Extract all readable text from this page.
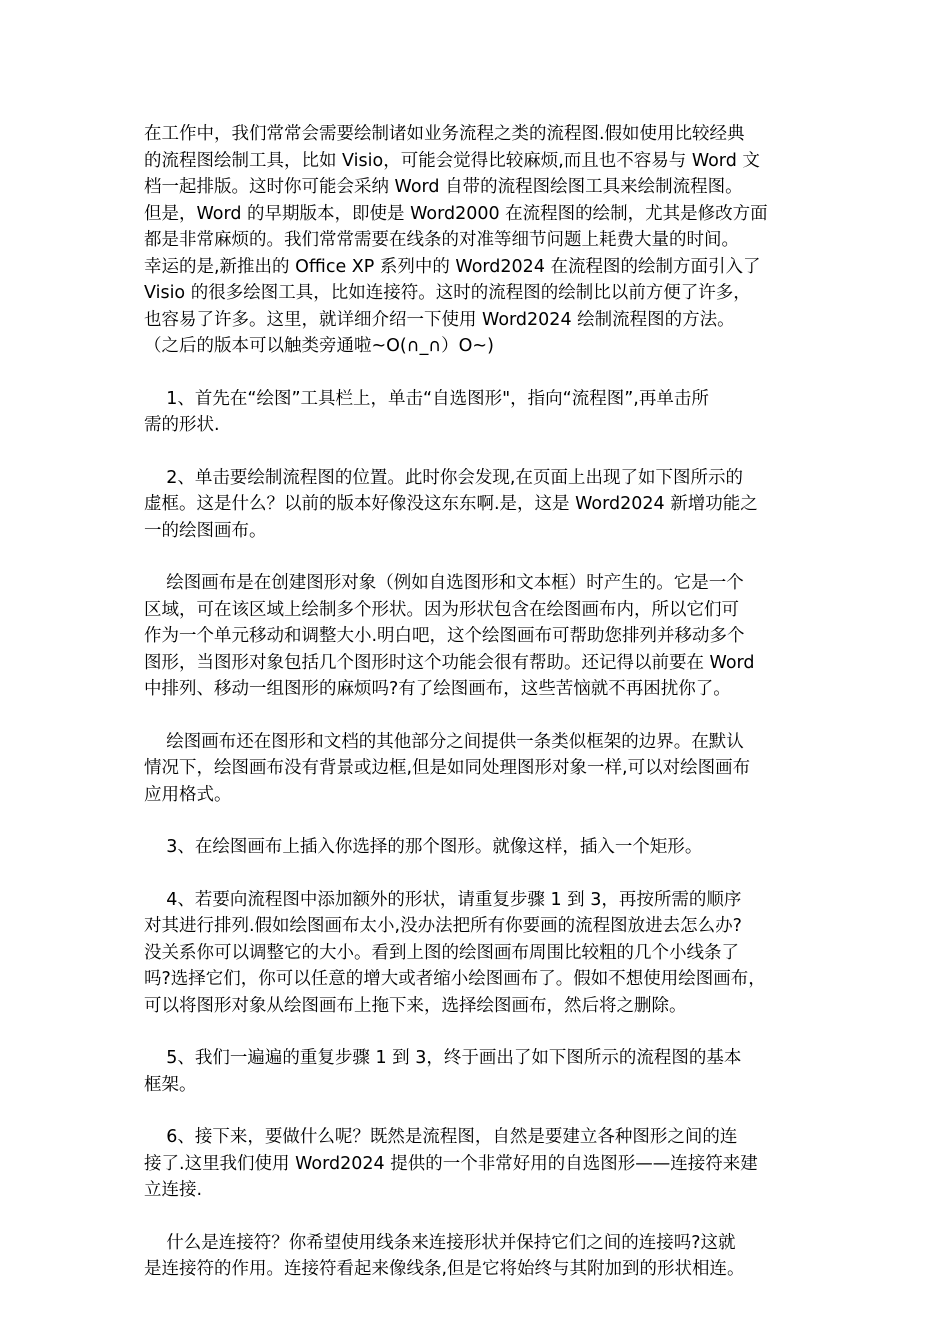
在工作中，我们常常会需要绘制诸如业务流程之类的流程图.假如使用比较经典
的流程图绘制工具，比如 Visio，可能会觉得比较麻烦,而且也不容易与 Word 文
档一起排版。这时你可能会采纳 Word 自带的流程图绘图工具来绘制流程图。
但是，Word 的早期版本，即使是 Word2000 在流程图的绘制，尤其是修改方面
都是非常麻烦的。我们常常需要在线条的对准等细节问题上耗费大量的时间。
幸运的是,新推出的 Office XP 系列中的 Word2024 在流程图的绘制方面引入了
Visio 的很多绘图工具，比如连接符。这时的流程图的绘制比以前方便了许多，
也容易了许多。这里，就详细介绍一下使用 Word2024 绘制流程图的方法。
（之后的版本可以触类旁通啦~O(∩_∩）O~)
1、首先在“绘图”工具栏上，单击“自选图形"，指向“流程图”,再单击所
需的形状.
2、单击要绘制流程图的位置。此时你会发现,在页面上出现了如下图所示的
虚框。这是什么？以前的版本好像没这东东啊.是，这是 Word2024 新增功能之
一的绘图画布。
绘图画布是在创建图形对象（例如自选图形和文本框）时产生的。它是一个
区域，可在该区域上绘制多个形状。因为形状包含在绘图画布内，所以它们可
作为一个单元移动和调整大小.明白吧，这个绘图画布可帮助您排列并移动多个
图形，当图形对象包括几个图形时这个功能会很有帮助。还记得以前要在 Word
中排列、移动一组图形的麻烦吗?有了绘图画布，这些苦恼就不再困扰你了。
绘图画布还在图形和文档的其他部分之间提供一条类似框架的边界。在默认
情况下，绘图画布没有背景或边框,但是如同处理图形对象一样,可以对绘图画布
应用格式。
3、在绘图画布上插入你选择的那个图形。就像这样，插入一个矩形。
4、若要向流程图中添加额外的形状，请重复步骤 1 到 3，再按所需的顺序
对其进行排列.假如绘图画布太小,没办法把所有你要画的流程图放进去怎么办?
没关系你可以调整它的大小。看到上图的绘图画布周围比较粗的几个小线条了
吗?选择它们，你可以任意的增大或者缩小绘图画布了。假如不想使用绘图画布，
可以将图形对象从绘图画布上拖下来，选择绘图画布，然后将之删除。
5、我们一遍遍的重复步骤 1 到 3，终于画出了如下图所示的流程图的基本
框架。
6、接下来，要做什么呢？既然是流程图，自然是要建立各种图形之间的连
接了.这里我们使用 Word2024 提供的一个非常好用的自选图形——连接符来建
立连接.
什么是连接符？你希望使用线条来连接形状并保持它们之间的连接吗?这就
是连接符的作用。连接符看起来像线条,但是它将始终与其附加到的形状相连。
